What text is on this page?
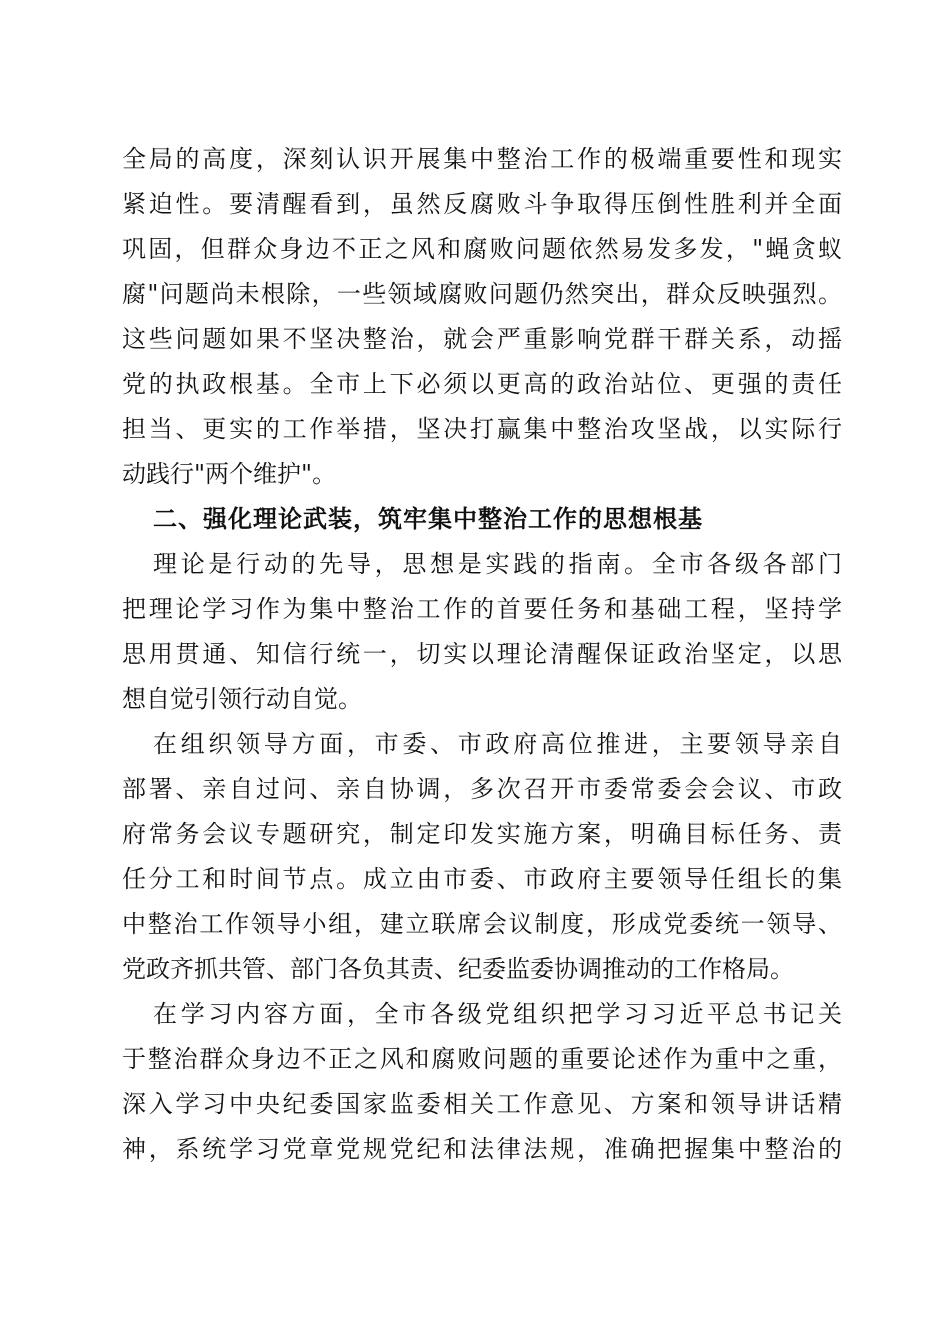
全局的高度，深刻认识开展集中整治工作的极端重要性和现实
紧迫性。要清醒看到，虽然反腐败斗争取得压倒性胜利并全面
巩固，但群众身边不正之风和腐败问题依然易发多发，"蝇贪蚁
腐"问题尚未根除，一些领域腐败问题仍然突出，群众反映强烈。
这些问题如果不坚决整治，就会严重影响党群干群关系，动摇
党的执政根基。全市上下必须以更高的政治站位、更强的责任
担当、更实的工作举措，坚决打赢集中整治攻坚战，以实际行
动践行"两个维护"。
二、强化理论武装，筑牢集中整治工作的思想根基
理论是行动的先导，思想是实践的指南。全市各级各部门
把理论学习作为集中整治工作的首要任务和基础工程，坚持学
思用贯通、知信行统一，切实以理论清醒保证政治坚定，以思
想自觉引领行动自觉。
在组织领导方面，市委、市政府高位推进，主要领导亲自
部署、亲自过问、亲自协调，多次召开市委常委会会议、市政
府常务会议专题研究，制定印发实施方案，明确目标任务、责
任分工和时间节点。成立由市委、市政府主要领导任组长的集
中整治工作领导小组，建立联席会议制度，形成党委统一领导、
党政齐抓共管、部门各负其责、纪委监委协调推动的工作格局。
在学习内容方面，全市各级党组织把学习习近平总书记关
于整治群众身边不正之风和腐败问题的重要论述作为重中之重，
深入学习中央纪委国家监委相关工作意见、方案和领导讲话精
神，系统学习党章党规党纪和法律法规，准确把握集中整治的
